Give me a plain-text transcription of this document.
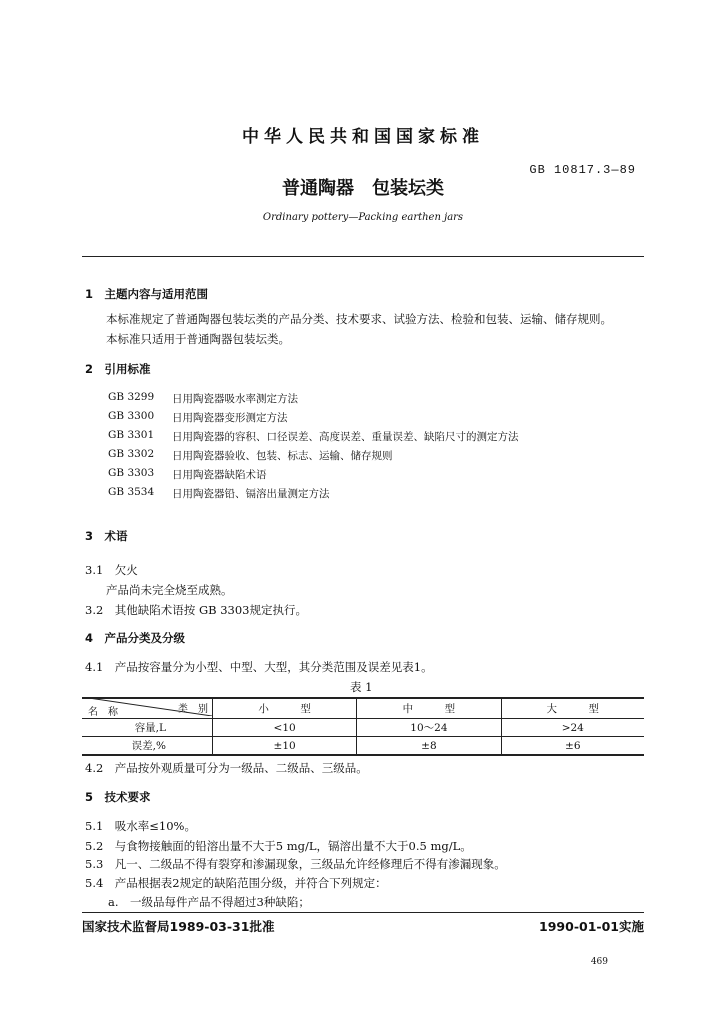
中华人民共和国国家标准
GB 10817.3—89
普通陶器　包装坛类
Ordinary pottery—Packing earthen jars
1　主题内容与适用范围
本标准规定了普通陶器包装坛类的产品分类、技术要求、试验方法、检验和包装、运输、储存规则。
本标准只适用于普通陶器包装坛类。
2　引用标准
GB 3299 日用陶瓷器吸水率测定方法
GB 3300 日用陶瓷器变形测定方法
GB 3301 日用陶瓷器的容积、口径误差、高度误差、重量误差、缺陷尺寸的测定方法
GB 3302 日用陶瓷器验收、包装、标志、运输、储存规则
GB 3303 日用陶瓷器缺陷术语
GB 3534 日用陶瓷器铅、镉溶出量测定方法
3　术语
3.1　欠火
产品尚未完全烧至成熟。
3.2　其他缺陷术语按 GB 3303规定执行。
4　产品分类及分级
4.1　产品按容量分为小型、中型、大型，其分类范围及误差见表1。
表 1
类　别
名　称	小　　　型	中　　　型	大　　　型
容量,L	<10	10～24	>24
误差,%	±10	±8	±6
4.2　产品按外观质量可分为一级品、二级品、三级品。
5　技术要求
5.1　吸水率≤10%。
5.2　与食物接触面的铅溶出量不大于5 mg/L，镉溶出量不大于0.5 mg/L。
5.3　凡一、二级品不得有裂穿和渗漏现象，三级品允许经修理后不得有渗漏现象。
5.4　产品根据表2规定的缺陷范围分级，并符合下列规定：
a.　一级品每件产品不得超过3种缺陷；
国家技术监督局1989-03-31批准	1990-01-01实施
469
